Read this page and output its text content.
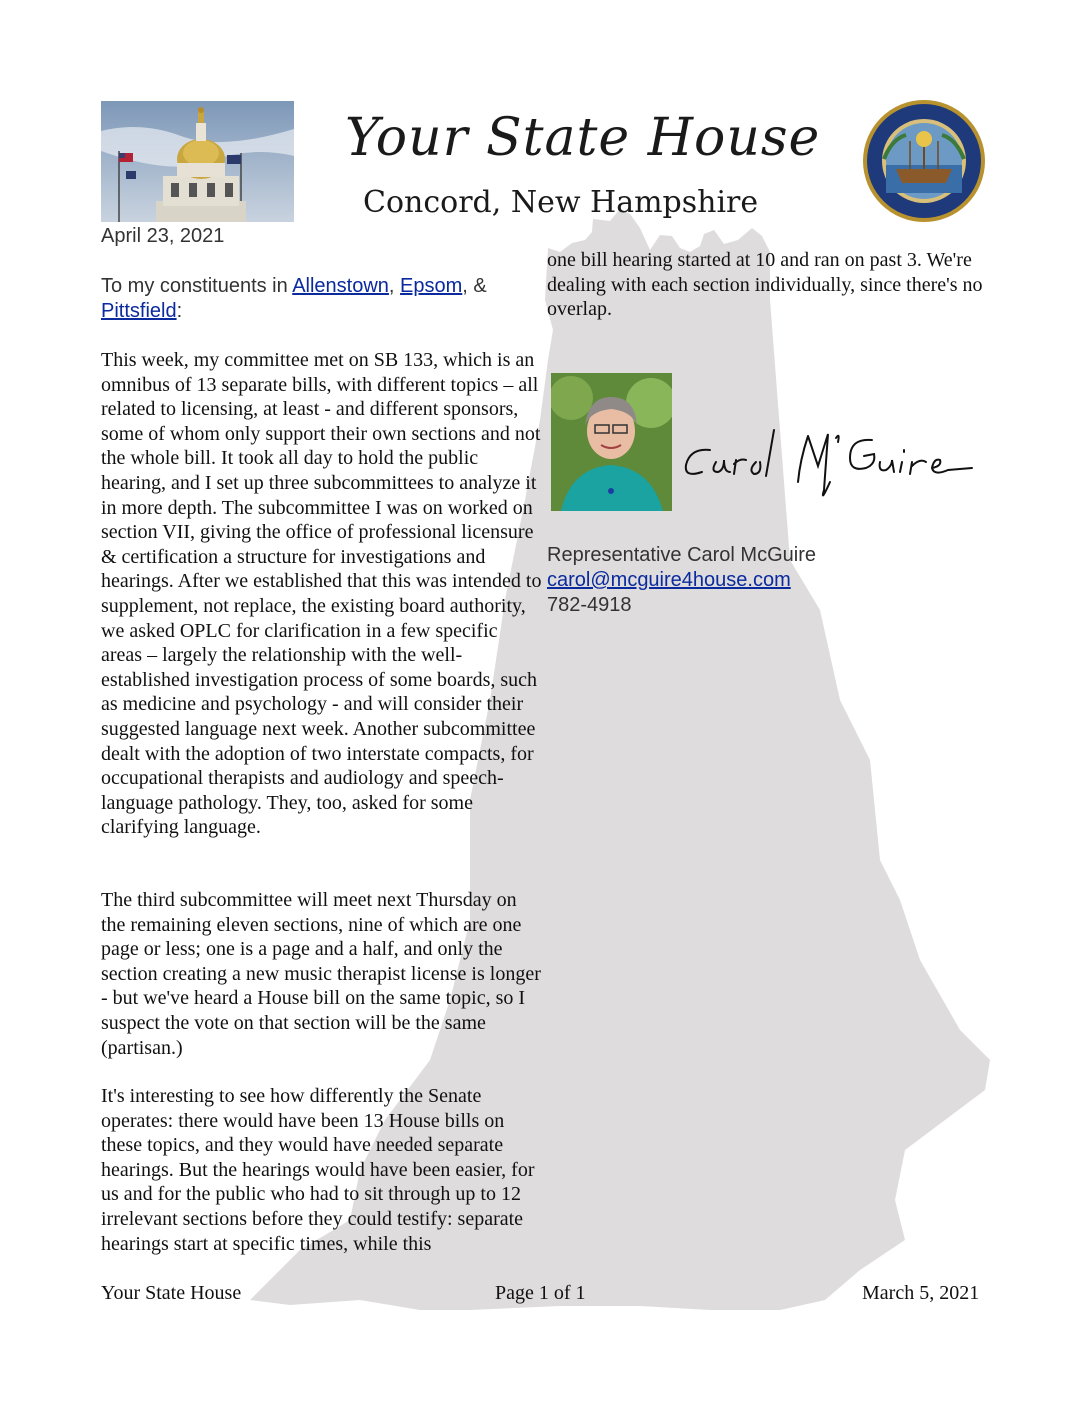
Your State House
Concord, New Hampshire
April 23, 2021
To my constituents in Allenstown, Epsom, & Pittsfield:

This week, my committee met on SB 133, which is an omnibus of 13 separate bills, with different topics – all related to licensing, at least - and different sponsors, some of whom only support their own sections and not the whole bill. It took all day to hold the public hearing, and I set up three subcommittees to analyze it in more depth. The subcommittee I was on worked on section VII, giving the office of professional licensure & certification a structure for investigations and hearings. After we established that this was intended to supplement, not replace, the existing board authority, we asked OPLC for clarification in a few specific areas – largely the relationship with the well-established investigation process of some boards, such as medicine and psychology - and will consider their suggested language next week. Another subcommittee dealt with the adoption of two interstate compacts, for occupational therapists and audiology and speech-language pathology. They, too, asked for some clarifying language.

The third subcommittee will meet next Thursday on the remaining eleven sections, nine of which are one page or less; one is a page and a half, and only the section creating a new music therapist license is longer - but we've heard a House bill on the same topic, so I suspect the vote on that section will be the same (partisan.)

It's interesting to see how differently the Senate operates: there would have been 13 House bills on these topics, and they would have needed separate hearings. But the hearings would have been easier, for us and for the public who had to sit through up to 12 irrelevant sections before they could testify: separate hearings start at specific times, while this

one bill hearing started at 10 and ran on past 3. We're dealing with each section individually, since there's no overlap.

Representative Carol McGuire
carol@mcguire4house.com
782-4918
Your State House	Page 1 of 1	March 5, 2021
